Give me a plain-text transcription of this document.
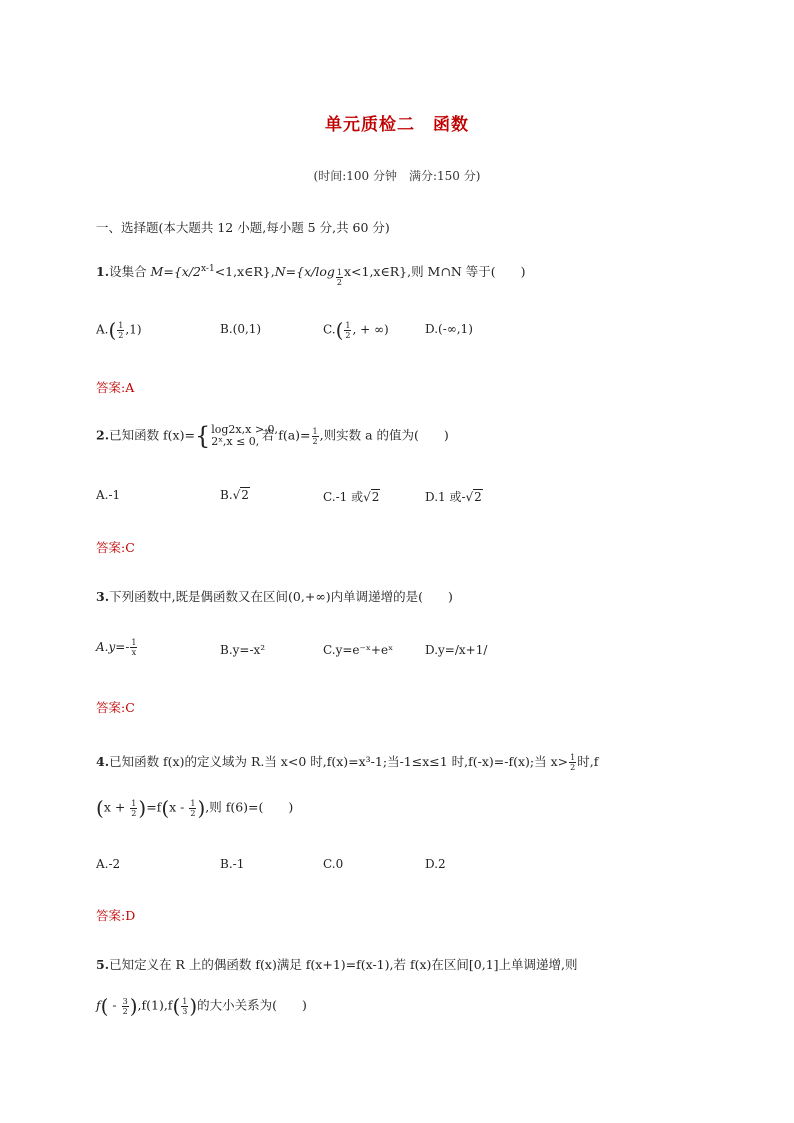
单元质检二　函数
(时间:100 分钟　满分:150 分)
一、选择题(本大题共 12 小题,每小题 5 分,共 60 分)
1.设集合 $M=\{x/2^{x-1}<1,x\in R\},N=\{x/\log$ $_{\frac{1}{2}}$ x<1,x∈R},则 M∩N 等于(　　)
$A.( \frac{1}{2} ,1)$	B.(0,1)	$C.( \frac{1}{2}$ , + ∞)	D.(-∞,1)
答案:A
2.已知函数 f(x)= { log2x,x > 0,
2ˣ,x ≤ 0, 若 $f(a)= \frac{1}{2}$ ,则实数 a 的值为(　　)
A.-1	B.√2	C.-1 或√2	D.1 或-√2
答案:C
3.下列函数中,既是偶函数又在区间(0,+∞)内单调递增的是(　　)
$A.y=- \frac{1}{x}$	B.y=-x²	C.y=e⁻ˣ+eˣ	D.y=/x+1/
答案:C
4.已知函数 f(x)的定义域为 R.当 x<0 时,f(x)=x³-1;当-1≤x≤1 时,f(-x)=-f(x);当 $x> \frac{1}{2}$ 时,f
$(x + \frac{1}{2} )=f(x - \frac{1}{2}$ ),则 f(6)=(　　)
A.-2	B.-1	C.0	D.2
答案:D
5.已知定义在 R 上的偶函数 f(x)满足 f(x+1)=f(x-1),若 f(x)在区间[0,1]上单调递增,则
$f( - \frac{3}{2} ),f(1),f( \frac{1}{3}$ )的大小关系为(　　)
